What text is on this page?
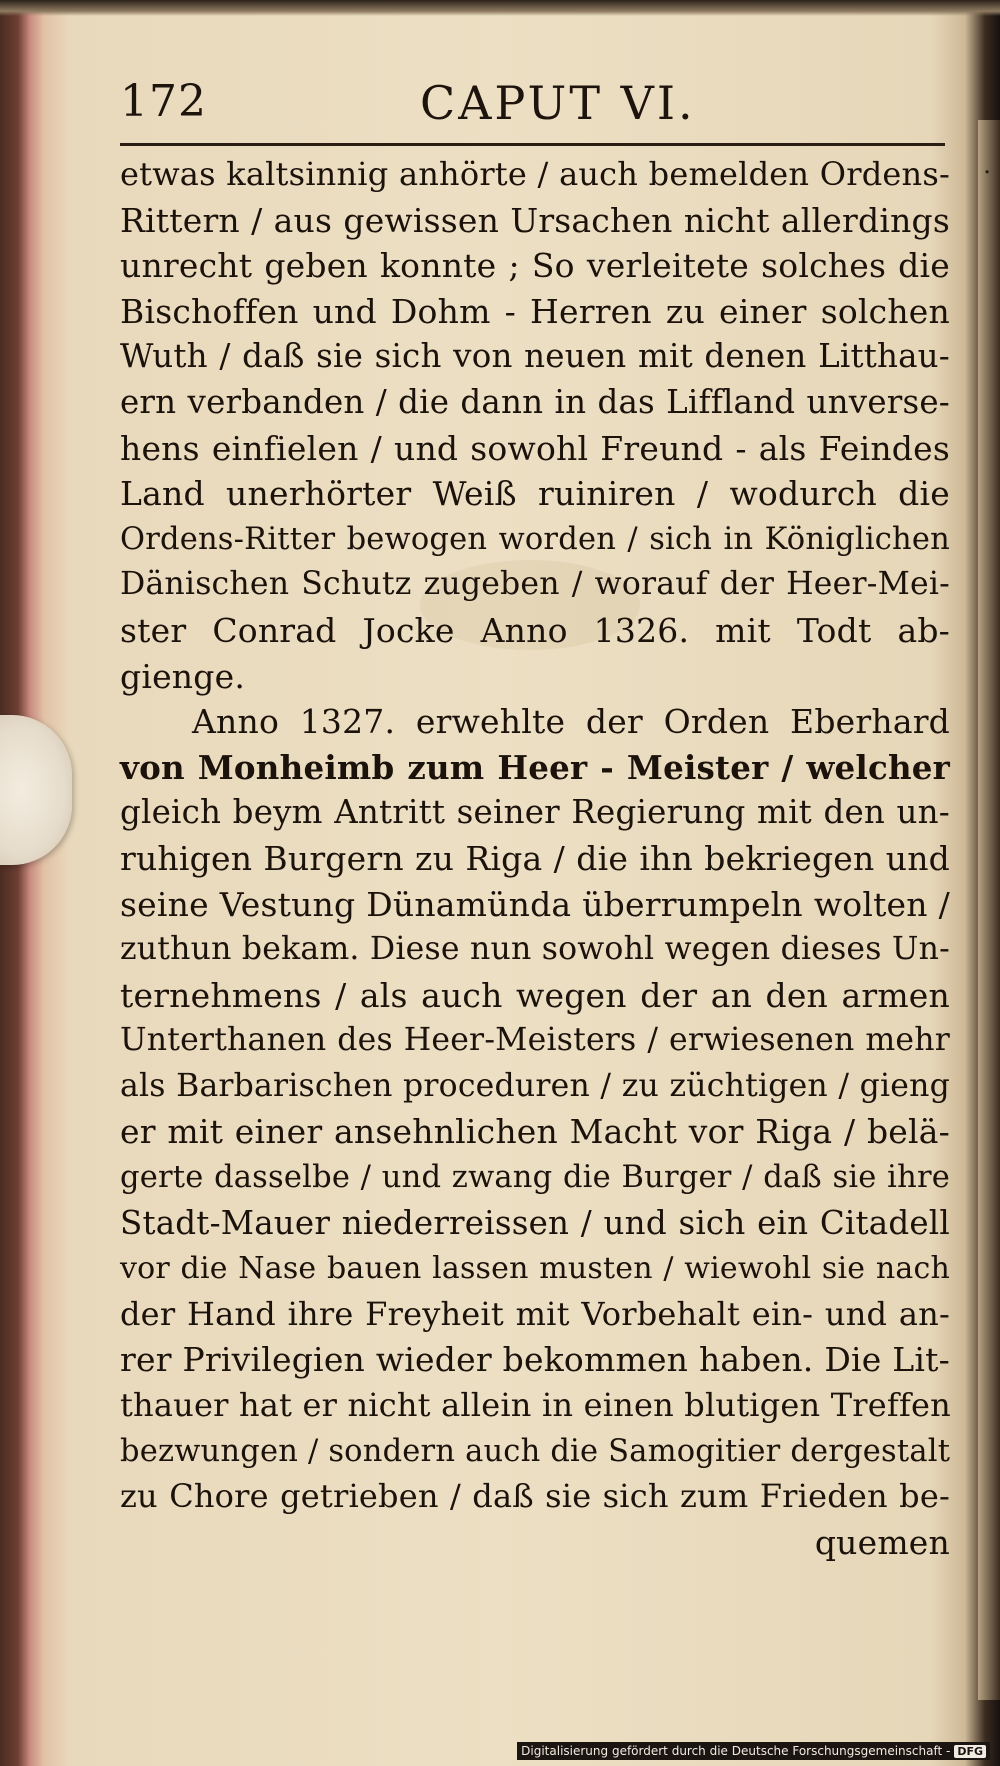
·
172	CAPUT VI.
etwas kaltsinnig anhörte / auch bemelden Ordens-
Rittern / aus gewissen Ursachen nicht allerdings
unrecht geben konnte ; So verleitete solches die
Bischoffen und Dohm - Herren zu einer solchen
Wuth / daß sie sich von neuen mit denen Litthau-
ern verbanden / die dann in das Liffland unverse-
hens einfielen / und sowohl Freund - als Feindes
Land unerhörter Weiß ruiniren / wodurch die
Ordens-Ritter bewogen worden / sich in Königlichen
Dänischen Schutz zugeben / worauf der Heer-Mei-
ster Conrad Jocke Anno 1326. mit Todt ab-
gienge.
Anno 1327. erwehlte der Orden Eberhard
von Monheimb zum Heer - Meister / welcher
gleich beym Antritt seiner Regierung mit den un-
ruhigen Burgern zu Riga / die ihn bekriegen und
seine Vestung Dünamünda überrumpeln wolten /
zuthun bekam. Diese nun sowohl wegen dieses Un-
ternehmens / als auch wegen der an den armen
Unterthanen des Heer-Meisters / erwiesenen mehr
als Barbarischen proceduren / zu züchtigen / gieng
er mit einer ansehnlichen Macht vor Riga / belä-
gerte dasselbe / und zwang die Burger / daß sie ihre
Stadt-Mauer niederreissen / und sich ein Citadell
vor die Nase bauen lassen musten / wiewohl sie nach
der Hand ihre Freyheit mit Vorbehalt ein- und an-
rer Privilegien wieder bekommen haben. Die Lit-
thauer hat er nicht allein in einen blutigen Treffen
bezwungen / sondern auch die Samogitier dergestalt
zu Chore getrieben / daß sie sich zum Frieden be-
quemen
Digitalisierung gefördert durch die Deutsche Forschungsgemeinschaft - DFG
